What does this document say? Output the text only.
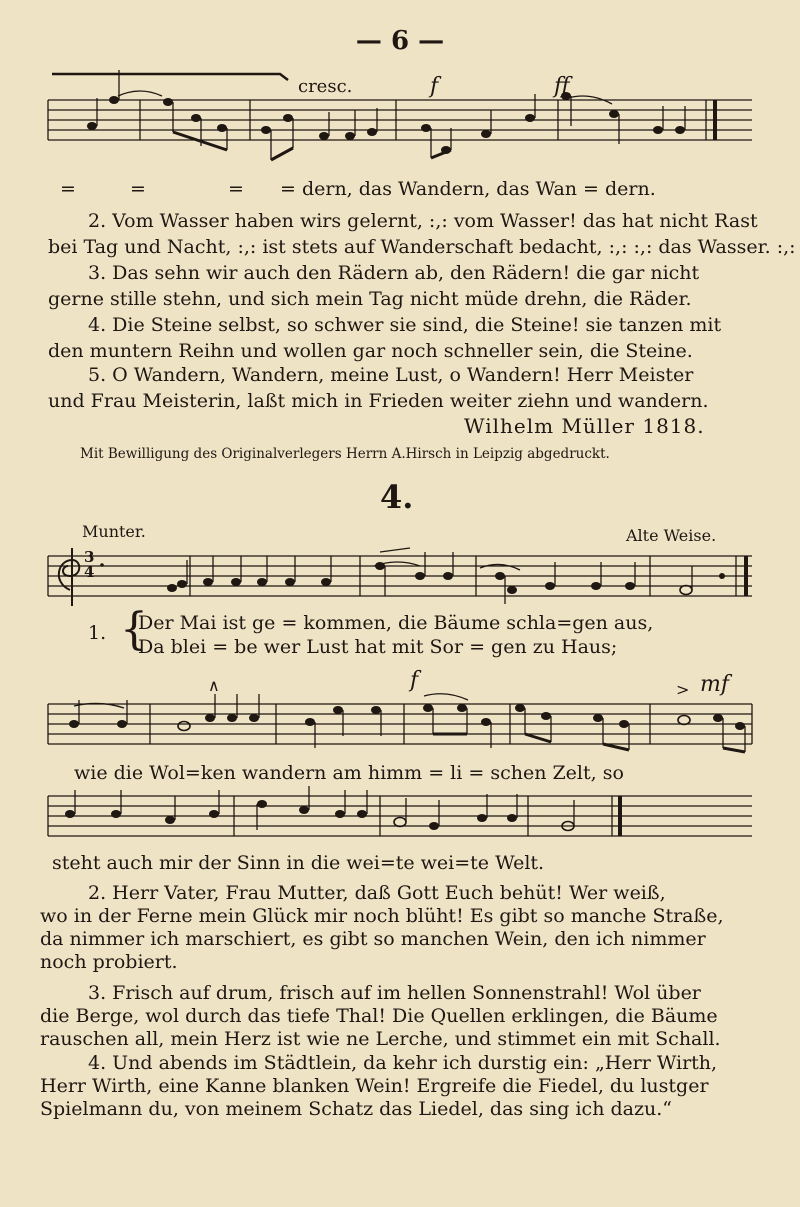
— 6 —
cresc.	f	ff
=	=	= = dern, das Wandern, das Wan = dern.
2. Vom Wasser haben wirs gelernt, :,: vom Wasser! das hat nicht Rast
bei Tag und Nacht, :,: ist stets auf Wanderschaft bedacht, :,: :,: das Wasser. :,:
3. Das sehn wir auch den Rädern ab, den Rädern! die gar nicht
gerne stille stehn, und sich mein Tag nicht müde drehn, die Räder.
4. Die Steine selbst, so schwer sie sind, die Steine! sie tanzen mit
den muntern Reihn und wollen gar noch schneller sein, die Steine.
5. O Wandern, Wandern, meine Lust, o Wandern! Herr Meister
und Frau Meisterin, laßt mich in Frieden weiter ziehn und wandern.
Wilhelm Müller 1818.
Mit Bewilligung des Originalverlegers Herrn A.Hirsch in Leipzig abgedruckt.
4.
Munter.	Alte Weise.
3
4
1. {
Der Mai ist ge = kommen, die Bäume schla=gen aus,
Da blei = be wer Lust hat mit Sor = gen zu Haus;
∧	f	> mf
wie die Wol=ken wandern am himm = li = schen Zelt, so
steht auch mir der Sinn in die wei=te wei=te Welt.
2. Herr Vater, Frau Mutter, daß Gott Euch behüt! Wer weiß,
wo in der Ferne mein Glück mir noch blüht! Es gibt so manche Straße,
da nimmer ich marschiert, es gibt so manchen Wein, den ich nimmer
noch probiert.
3. Frisch auf drum, frisch auf im hellen Sonnenstrahl! Wol über
die Berge, wol durch das tiefe Thal! Die Quellen erklingen, die Bäume
rauschen all, mein Herz ist wie ne Lerche, und stimmet ein mit Schall.
4. Und abends im Städtlein, da kehr ich durstig ein: „Herr Wirth,
Herr Wirth, eine Kanne blanken Wein! Ergreife die Fiedel, du lustger
Spielmann du, von meinem Schatz das Liedel, das sing ich dazu.“
